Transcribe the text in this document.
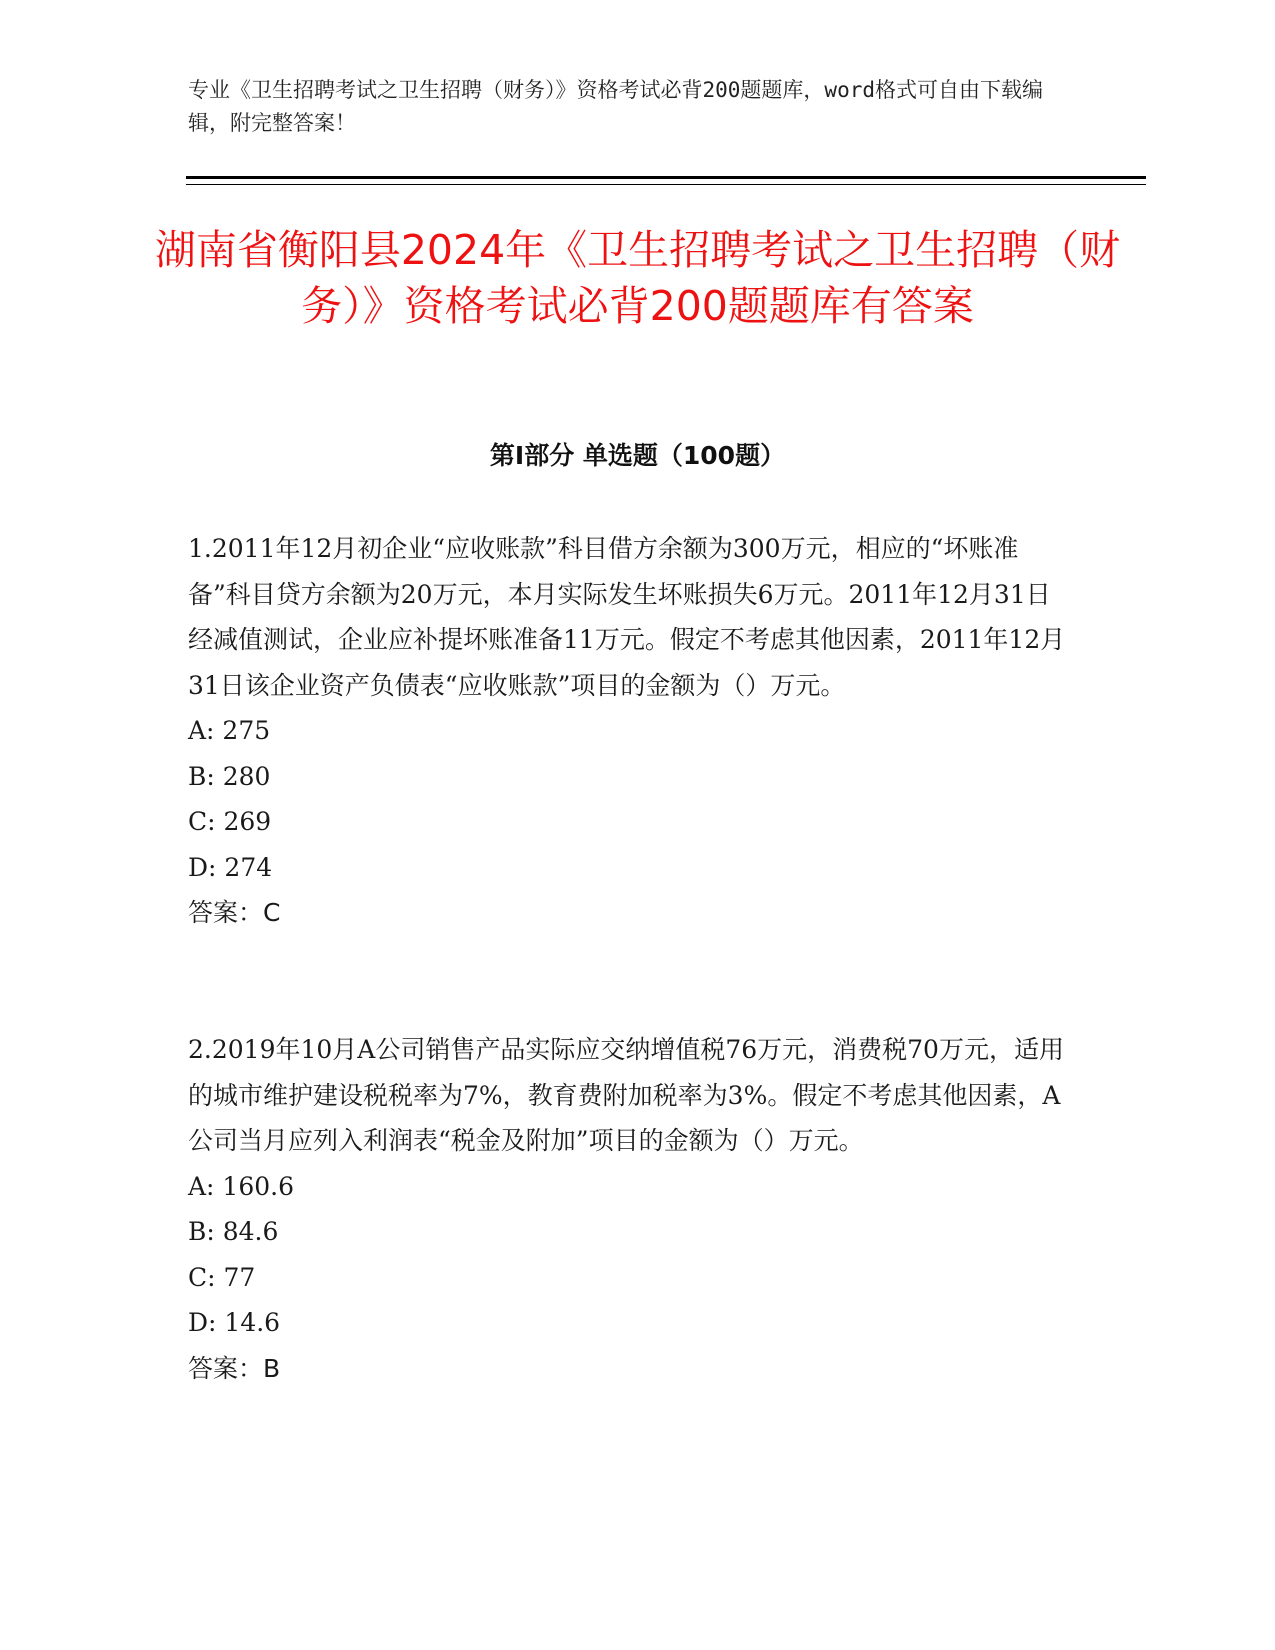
专业《卫生招聘考试之卫生招聘（财务）》资格考试必背200题题库，word格式可自由下载编辑，附完整答案！
湖南省衡阳县2024年《卫生招聘考试之卫生招聘（财务）》资格考试必背200题题库有答案
第Ⅰ部分 单选题（100题）
1.2011年12月初企业“应收账款”科目借方余额为300万元，相应的“坏账准备”科目贷方余额为20万元，本月实际发生坏账损失6万元。2011年12月31日经减值测试，企业应补提坏账准备11万元。假定不考虑其他因素，2011年12月31日该企业资产负债表“应收账款”项目的金额为（）万元。
A: 275
B: 280
C: 269
D: 274
答案：C
2.2019年10月A公司销售产品实际应交纳增值税76万元，消费税70万元，适用的城市维护建设税税率为7%，教育费附加税率为3%。假定不考虑其他因素，A公司当月应列入利润表“税金及附加”项目的金额为（）万元。
A: 160.6
B: 84.6
C: 77
D: 14.6
答案：B
